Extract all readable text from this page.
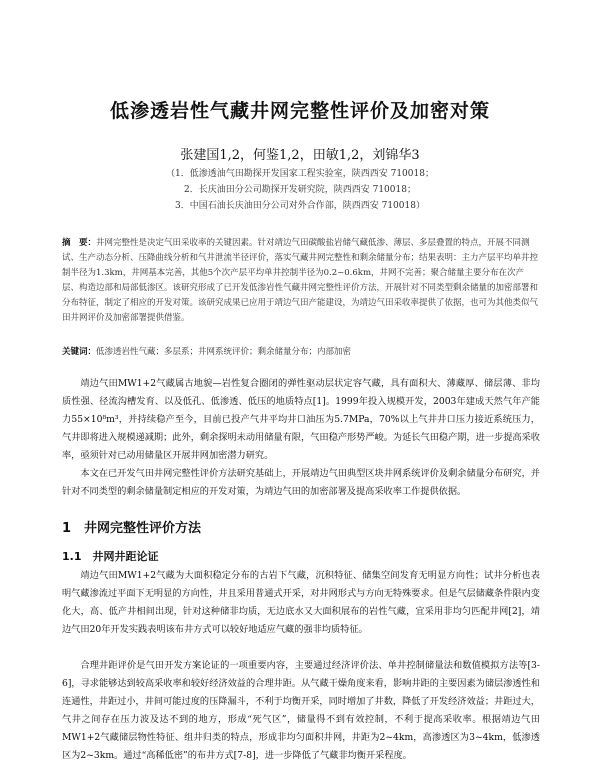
低渗透岩性气藏井网完整性评价及加密对策
张建国1,2，何鉴1,2，田敏1,2，刘锦华3
（1．低渗透油气田勘探开发国家工程实验室，陕西西安 710018；
2．长庆油田分公司勘探开发研究院，陕西西安 710018；
3．中国石油长庆油田分公司对外合作部，陕西西安 710018）
摘　要：井网完整性是决定气田采收率的关键因素。针对靖边气田碳酸盐岩储气藏低渗、薄层、多层叠置的特点，开展不同测试、生产动态分析、压降曲线分析和气井泄流半径评价，落实气藏井网完整性和剩余储量分布；结果表明：主力产层平均单井控制半径为1.3km，井网基本完善，其他5个次产层平均单井控制半径为0.2~0.6km，井网不完善；聚合储量主要分布在次产层、构造边部和局部低渗区。该研究形成了已开发低渗岩性气藏井网完整性评价方法，开展针对不同类型剩余储量的加密部署和分布特征，制定了相应的开发对策。该研究成果已应用于靖边气田产能建设，为靖边气田采收率提供了依据，也可为其他类似气田井网评价及加密部署提供借鉴。
关键词：低渗透岩性气藏；多层系；井网系统评价；剩余储量分布；内部加密
靖边气田MW1+2气藏属古地貌—岩性复合圈闭的弹性驱动层状定容气藏，具有面积大、薄藏厚、储层薄、非均质性强、径流沟槽发育、以及低孔、低渗透、低压的地质特点[1]。1999年投入规模开发，2003年建成天然气年产能力55×10⁸m³，并持续稳产至今，目前已投产气井平均井口油压为5.7MPa，70%以上气井井口压力接近系统压力，气井即将进入规模递减期；此外，剩余探明未动用储量有限，气田稳产形势严峻。为延长气田稳产期，进一步提高采收率，亟须针对已动用储量区开展井网加密潜力研究。
本文在已开发气田井网完整性评价方法研究基础上，开展靖边气田典型区块井网系统评价及剩余储量分布研究，并针对不同类型的剩余储量制定相应的开发对策，为靖边气田的加密部署及提高采收率工作提供依据。
1　井网完整性评价方法
1.1　井网井距论证
靖边气田MW1+2气藏为大面积稳定分布的古岩下气藏，沉积特征、储集空间发育无明显方向性；试井分析也表明气藏渗流过平面下无明显的方向性，井且采用普通式开采，对井网形式与方向无特殊要求。但是气层储藏条件限内变化大，高、低产井相间出现，针对这种储非均质，无边底水又大面积展布的岩性气藏，宜采用非均匀匹配井网[2]，靖边气田20年开发实践表明该布井方式可以较好地适应气藏的强非均质特征。
合理井距评价是气田开发方案论证的一项重要内容，主要通过经济评价法、单井控制储量法和数值模拟方法等[3-6]，寻求能够达到较高采收率和较好经济效益的合理井距。从气藏干燥角度来看，影响井距的主要因素为储层渗透性和连通性，井距过小，井间可能过度的压降漏斗，不利于均衡开采，同时增加了井数，降低了开发经济效益；井距过大，气井之间存在压力波及达不到的地方，形成“死气区”，储量得不到有效控制，不利于提高采收率。根据靖边气田MW1+2气藏储层物性特征、组井归类的特点，形成非均匀面积井网，井距为2~4km，高渗透区为3~4km，低渗透区为2~3km。通过“高稀低密”的布井方式[7-8]，进一步降低了气藏非均衡开采程度。
